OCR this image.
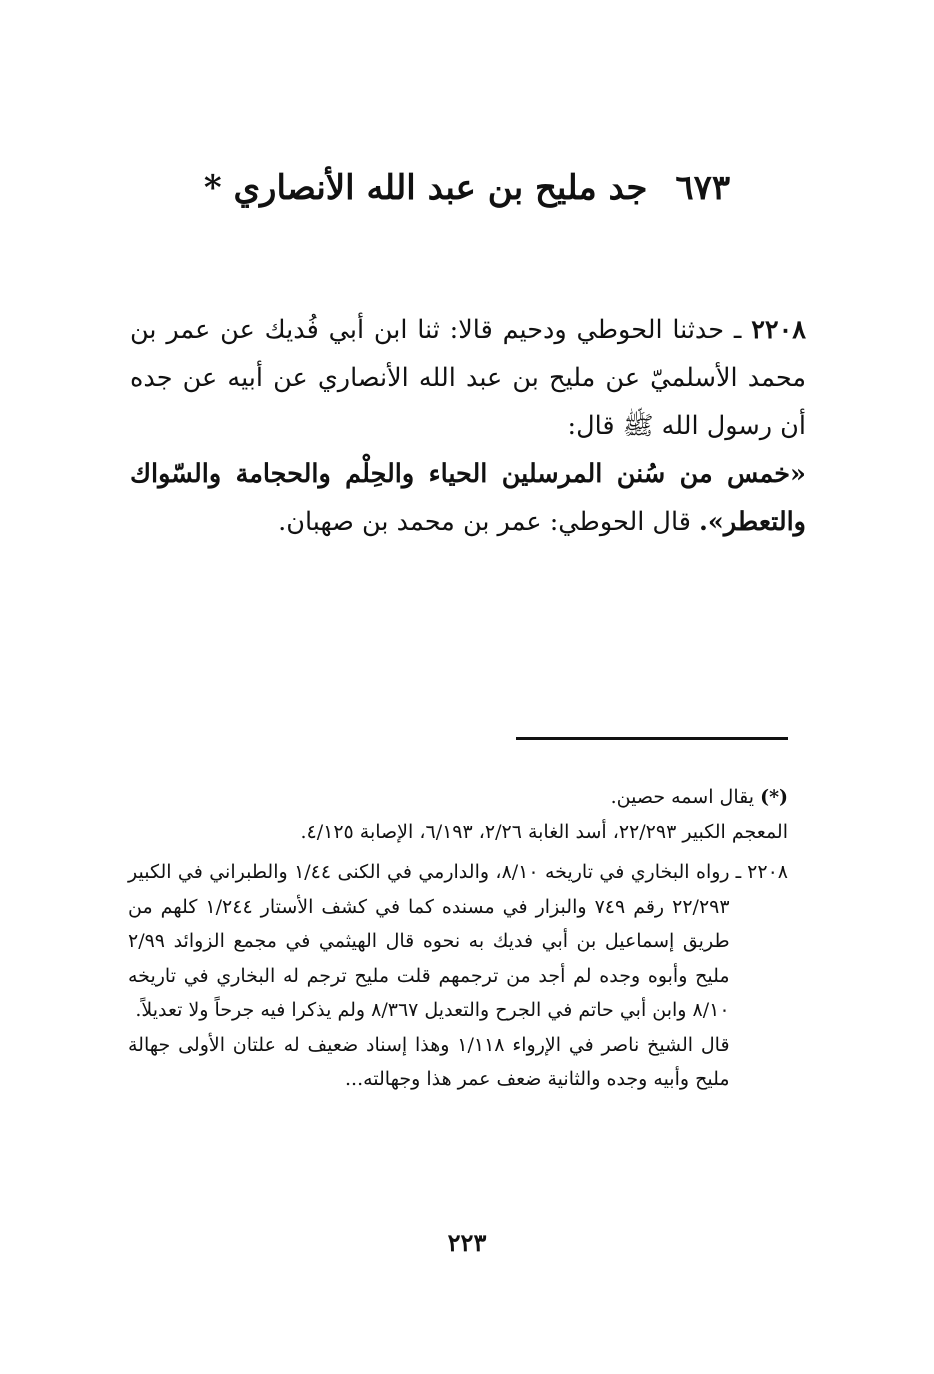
٦٧٣جد مليح بن عبد الله الأنصاري *

٢٢٠٨ ـ حدثنا الحوطي ودحيم قالا: ثنا ابن أبي فُديك عن عمر بن محمد الأسلميّ عن مليح بن عبد الله الأنصاري عن أبيه عن جده أن رسول الله ﷺ قال:

«خمس من سُنن المرسلين الحياء والحِلْم والحجامة والسّواك والتعطر». قال الحوطي: عمر بن محمد بن صهبان.

(*) يقال اسمه حصين.

المعجم الكبير ٢٢/٢٩٣، أسد الغابة ٢/٢٦، ٦/١٩٣، الإصابة ٤/١٢٥.

٢٢٠٨ ـ

رواه البخاري في تاريخه ٨/١٠، والدارمي في الكنى ١/٤٤ والطبراني في الكبير ٢٢/٢٩٣ رقم ٧٤٩ والبزار في مسنده كما في كشف الأستار ١/٢٤٤ كلهم من طريق إسماعيل بن أبي فديك به نحوه قال الهيثمي في مجمع الزوائد ٢/٩٩ مليح وأبوه وجده لم أجد من ترجمهم قلت مليح ترجم له البخاري في تاريخه ٨/١٠ وابن أبي حاتم في الجرح والتعديل ٨/٣٦٧ ولم يذكرا فيه جرحاً ولا تعديلاً.

قال الشيخ ناصر في الإرواء ١/١١٨ وهذا إسناد ضعيف له علتان الأولى جهالة مليح وأبيه وجده والثانية ضعف عمر هذا وجهالته...

٢٢٣
